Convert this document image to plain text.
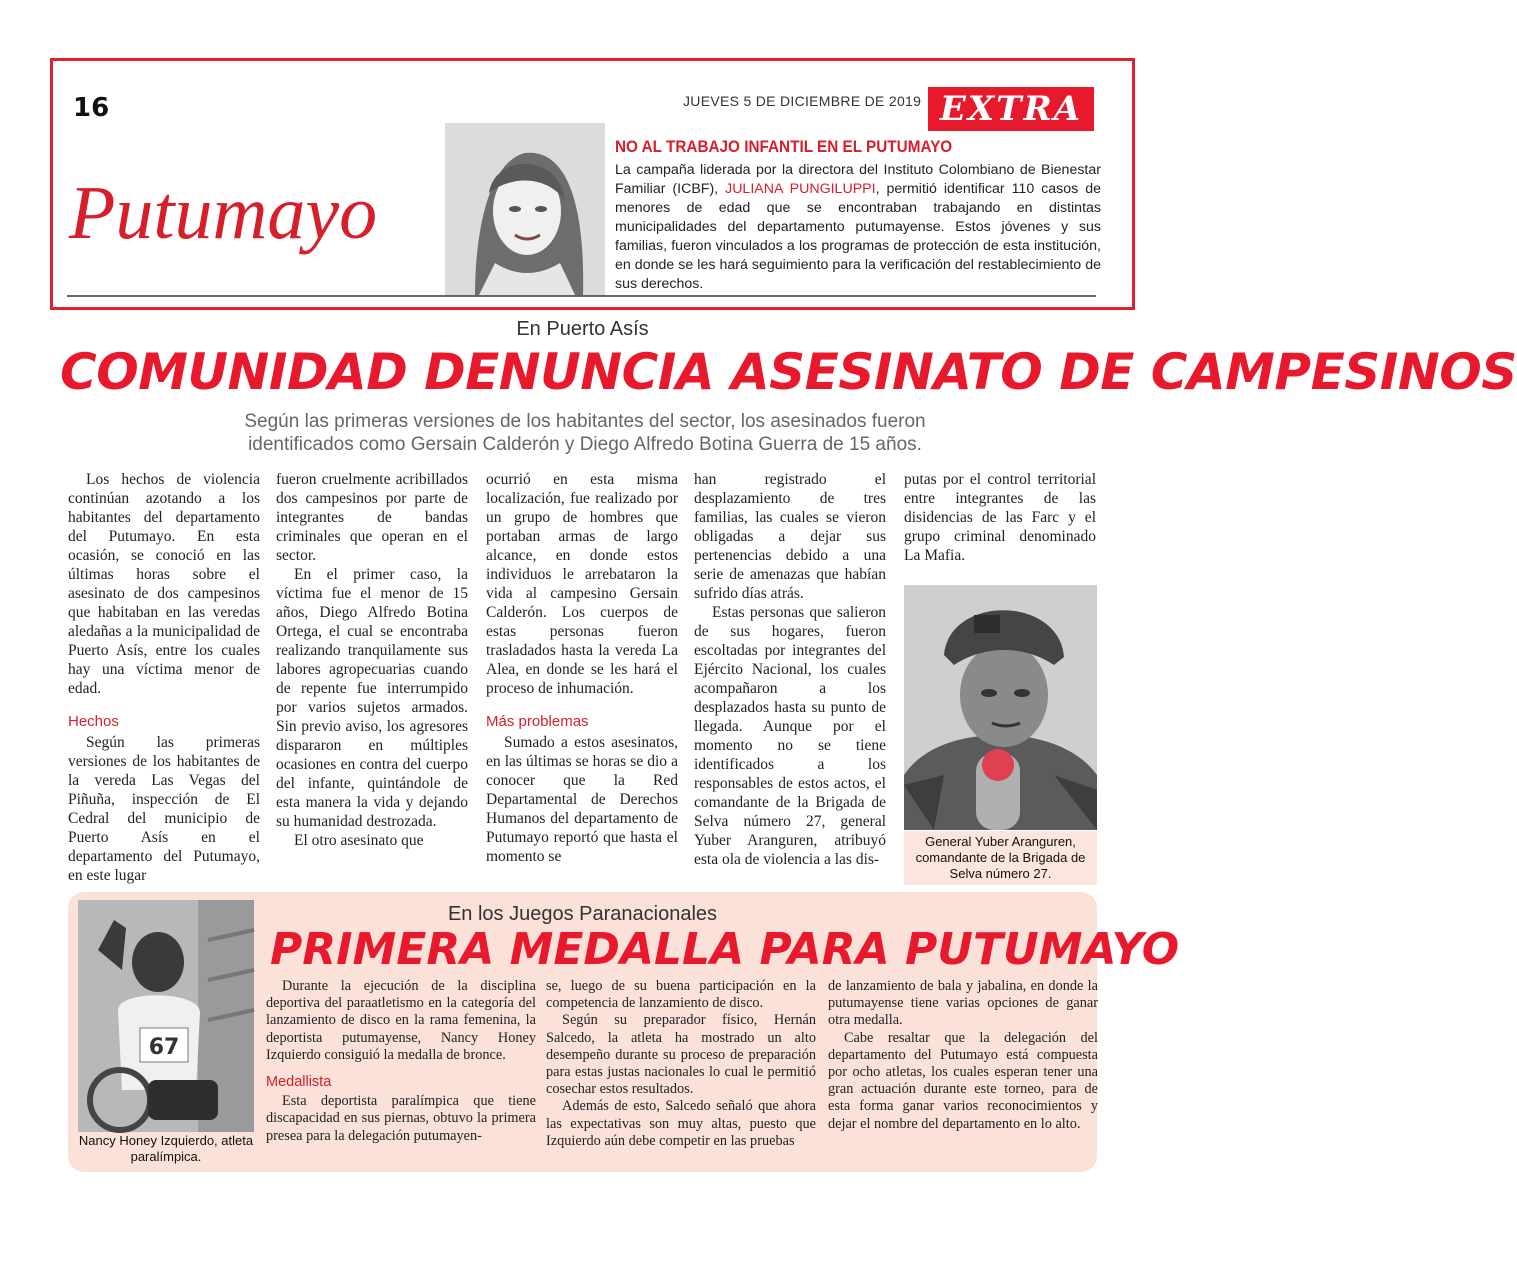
16	JUEVES 5 DE DICIEMBRE DE 2019 EXTRA
Putumayo
NO AL TRABAJO INFANTIL EN EL PUTUMAYO
La campaña liderada por la directora del Instituto Colombiano de Bienestar Familiar (ICBF), JULIANA PUNGILUPPI, permitió identificar 110 casos de menores de edad que se encontraban trabajando en distintas municipalidades del departamento putumayense. Estos jóvenes y sus familias, fueron vinculados a los programas de protección de esta institución, en donde se les hará seguimiento para la verificación del restablecimiento de sus derechos.
En Puerto Asís
COMUNIDAD DENUNCIA ASESINATO DE CAMPESINOS
Según las primeras versiones de los habitantes del sector, los asesinados fueron identificados como Gersain Calderón y Diego Alfredo Botina Guerra de 15 años.

Los hechos de violencia continúan azotando a los habitantes del departamento del Putumayo. En esta ocasión, se conoció en las últimas horas sobre el asesinato de dos campesinos que habitaban en las veredas aledañas a la municipalidad de Puerto Asís, entre los cuales hay una víctima menor de edad.

Hechos

Según las primeras versiones de los habitantes de la vereda Las Vegas del Piñuña, inspección de El Cedral del municipio de Puerto Asís en el departamento del Putumayo, en este lugar

fueron cruelmente acribillados dos campesinos por parte de integrantes de bandas criminales que operan en el sector.

En el primer caso, la víctima fue el menor de 15 años, Diego Alfredo Botina Ortega, el cual se encontraba realizando tranquilamente sus labores agropecuarias cuando de repente fue interrumpido por varios sujetos armados. Sin previo aviso, los agresores dispararon en múltiples ocasiones en contra del cuerpo del infante, quintándole de esta manera la vida y dejando su humanidad destrozada.

El otro asesinato que

ocurrió en esta misma localización, fue realizado por un grupo de hombres que portaban armas de largo alcance, en donde estos individuos le arrebataron la vida al campesino Gersain Calderón. Los cuerpos de estas personas fueron trasladados hasta la vereda La Alea, en donde se les hará el proceso de inhumación.

Más problemas

Sumado a estos asesinatos, en las últimas se horas se dio a conocer que la Red Departamental de Derechos Humanos del departamento de Putumayo reportó que hasta el momento se

han registrado el desplazamiento de tres familias, las cuales se vieron obligadas a dejar sus pertenencias debido a una serie de amenazas que habían sufrido días atrás.

Estas personas que salieron de sus hogares, fueron escoltadas por integrantes del Ejército Nacional, los cuales acompañaron a los desplazados hasta su punto de llegada. Aunque por el momento no se tiene identificados a los responsables de estos actos, el comandante de la Brigada de Selva número 27, general Yuber Aranguren, atribuyó esta ola de violencia a las dis-

putas por el control territorial entre integrantes de las disidencias de las Farc y el grupo criminal denominado La Mafia.

General Yuber Aranguren, comandante de la Brigada de Selva número 27.
En los Juegos Paranacionales
PRIMERA MEDALLA PARA PUTUMAYO
67
Nancy Honey Izquierdo, atleta paralímpica.

Durante la ejecución de la disciplina deportiva del paraatletismo en la categoría del lanzamiento de disco en la rama femenina, la deportista putumayense, Nancy Honey Izquierdo consiguió la medalla de bronce.

Medallista

Esta deportista paralímpica que tiene discapacidad en sus piernas, obtuvo la primera presea para la delegación putumayen-

se, luego de su buena participación en la competencia de lanzamiento de disco.

Según su preparador físico, Hernán Salcedo, la atleta ha mostrado un alto desempeño durante su proceso de preparación para estas justas nacionales lo cual le permitió cosechar estos resultados.

Además de esto, Salcedo señaló que ahora las expectativas son muy altas, puesto que Izquierdo aún debe competir en las pruebas

de lanzamiento de bala y jabalina, en donde la putumayense tiene varias opciones de ganar otra medalla.

Cabe resaltar que la delegación del departamento del Putumayo está compuesta por ocho atletas, los cuales esperan tener una gran actuación durante este torneo, para de esta forma ganar varios reconocimientos y dejar el nombre del departamento en lo alto.
